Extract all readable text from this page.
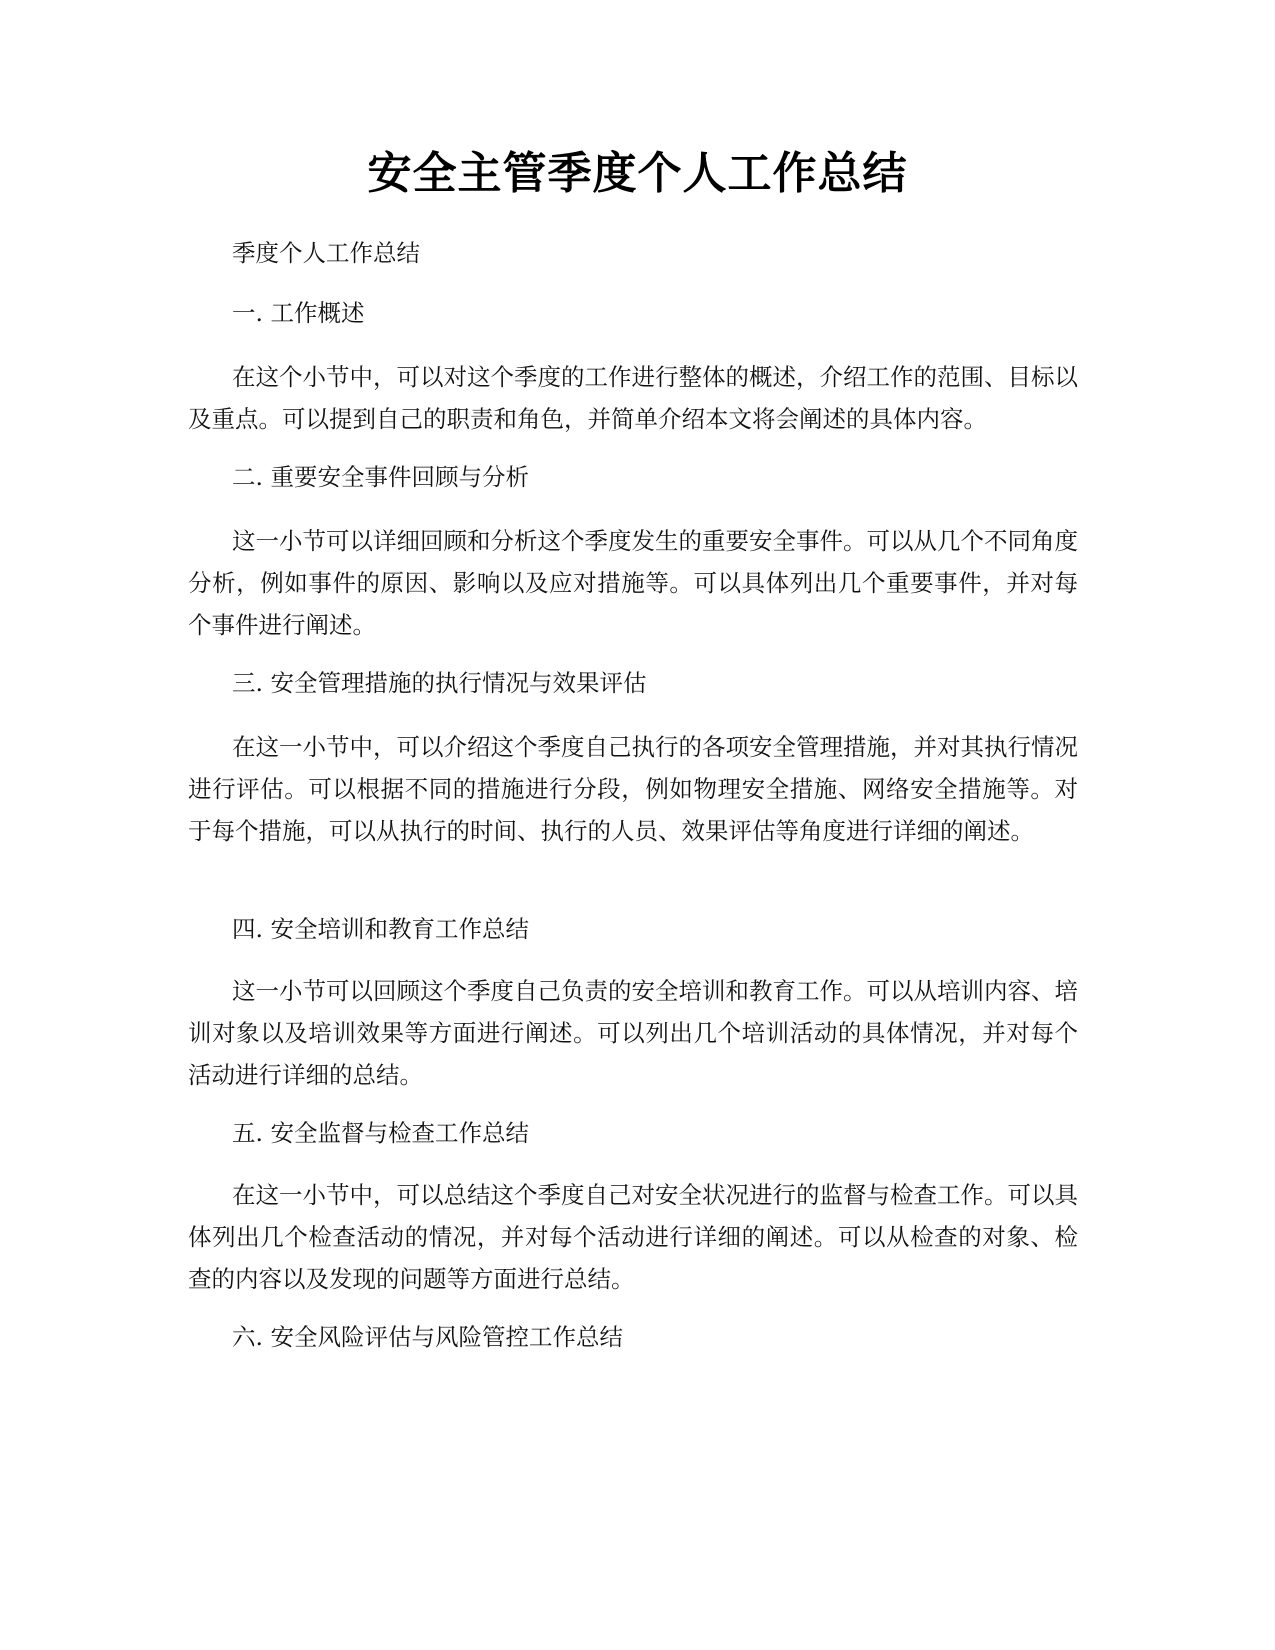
安全主管季度个人工作总结
季度个人工作总结
一. 工作概述
在这个小节中，可以对这个季度的工作进行整体的概述，介绍工作的范围、目标以及重点。可以提到自己的职责和角色，并简单介绍本文将会阐述的具体内容。
二. 重要安全事件回顾与分析
这一小节可以详细回顾和分析这个季度发生的重要安全事件。可以从几个不同角度分析，例如事件的原因、影响以及应对措施等。可以具体列出几个重要事件，并对每个事件进行阐述。
三. 安全管理措施的执行情况与效果评估
在这一小节中，可以介绍这个季度自己执行的各项安全管理措施，并对其执行情况进行评估。可以根据不同的措施进行分段，例如物理安全措施、网络安全措施等。对于每个措施，可以从执行的时间、执行的人员、效果评估等角度进行详细的阐述。
四. 安全培训和教育工作总结
这一小节可以回顾这个季度自己负责的安全培训和教育工作。可以从培训内容、培训对象以及培训效果等方面进行阐述。可以列出几个培训活动的具体情况，并对每个活动进行详细的总结。
五. 安全监督与检查工作总结
在这一小节中，可以总结这个季度自己对安全状况进行的监督与检查工作。可以具体列出几个检查活动的情况，并对每个活动进行详细的阐述。可以从检查的对象、检查的内容以及发现的问题等方面进行总结。
六. 安全风险评估与风险管控工作总结
